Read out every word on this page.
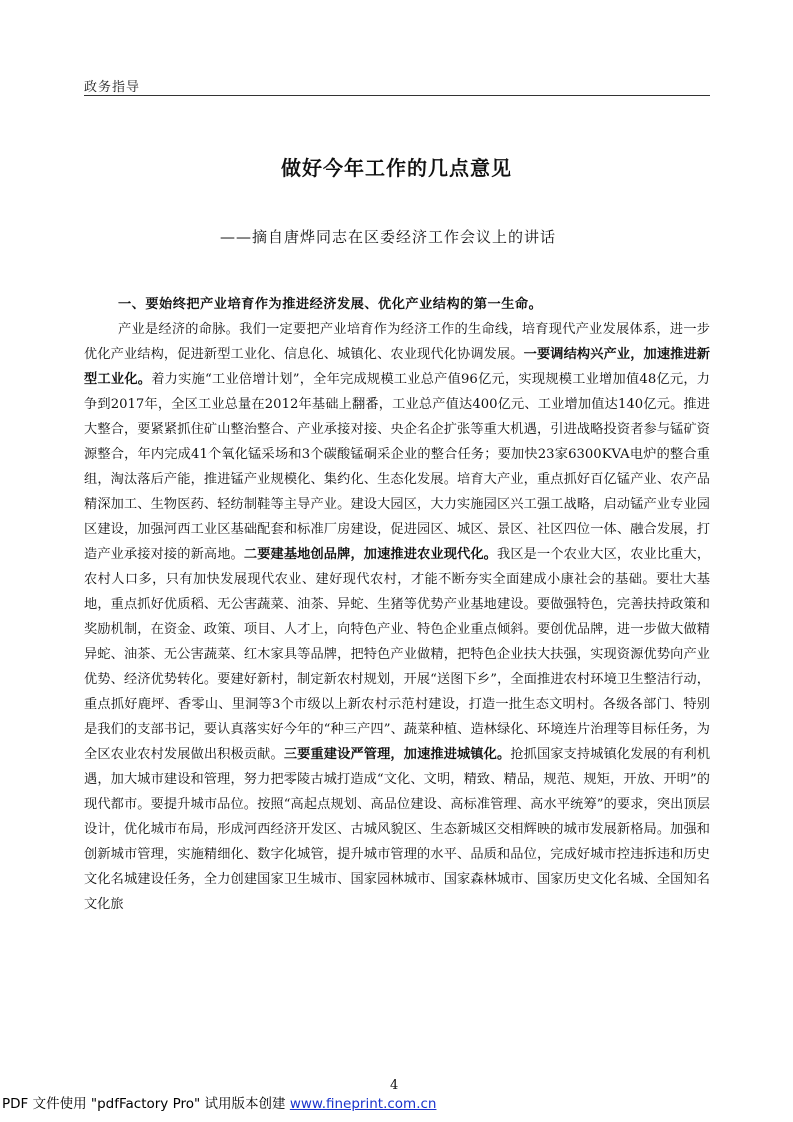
政务指导
做好今年工作的几点意见

——摘自唐烨同志在区委经济工作会议上的讲话

一、要始终把产业培育作为推进经济发展、优化产业结构的第一生命。

产业是经济的命脉。我们一定要把产业培育作为经济工作的生命线，培育现代产业发展体系，进一步优化产业结构，促进新型工业化、信息化、城镇化、农业现代化协调发展。一要调结构兴产业，加速推进新型工业化。着力实施“工业倍增计划”，全年完成规模工业总产值96亿元，实现规模工业增加值48亿元，力争到2017年，全区工业总量在2012年基础上翻番，工业总产值达400亿元、工业增加值达140亿元。推进大整合，要紧紧抓住矿山整治整合、产业承接对接、央企名企扩张等重大机遇，引进战略投资者参与锰矿资源整合，年内完成41个氧化锰采场和3个碳酸锰硐采企业的整合任务；要加快23家6300KVA电炉的整合重组，淘汰落后产能，推进锰产业规模化、集约化、生态化发展。培育大产业，重点抓好百亿锰产业、农产品精深加工、生物医药、轻纺制鞋等主导产业。建设大园区，大力实施园区兴工强工战略，启动锰产业专业园区建设，加强河西工业区基础配套和标准厂房建设，促进园区、城区、景区、社区四位一体、融合发展，打造产业承接对接的新高地。二要建基地创品牌，加速推进农业现代化。我区是一个农业大区，农业比重大，农村人口多，只有加快发展现代农业、建好现代农村，才能不断夯实全面建成小康社会的基础。要壮大基地，重点抓好优质稻、无公害蔬菜、油茶、异蛇、生猪等优势产业基地建设。要做强特色，完善扶持政策和奖励机制，在资金、政策、项目、人才上，向特色产业、特色企业重点倾斜。要创优品牌，进一步做大做精异蛇、油茶、无公害蔬菜、红木家具等品牌，把特色产业做精，把特色企业扶大扶强，实现资源优势向产业优势、经济优势转化。要建好新村，制定新农村规划，开展“送图下乡”，全面推进农村环境卫生整洁行动，重点抓好鹿坪、香零山、里洞等3个市级以上新农村示范村建设，打造一批生态文明村。各级各部门、特别是我们的支部书记，要认真落实好今年的“种三产四”、蔬菜种植、造林绿化、环境连片治理等目标任务，为全区农业农村发展做出积极贡献。三要重建设严管理，加速推进城镇化。抢抓国家支持城镇化发展的有利机遇，加大城市建设和管理，努力把零陵古城打造成“文化、文明，精致、精品，规范、规矩，开放、开明”的现代都市。要提升城市品位。按照“高起点规划、高品位建设、高标准管理、高水平统筹”的要求，突出顶层设计，优化城市布局，形成河西经济开发区、古城风貌区、生态新城区交相辉映的城市发展新格局。加强和创新城市管理，实施精细化、数字化城管，提升城市管理的水平、品质和品位，完成好城市控违拆违和历史文化名城建设任务，全力创建国家卫生城市、国家园林城市、国家森林城市、国家历史文化名城、全国知名文化旅

4
PDF 文件使用 "pdfFactory Pro" 试用版本创建 www.fineprint.com.cn
